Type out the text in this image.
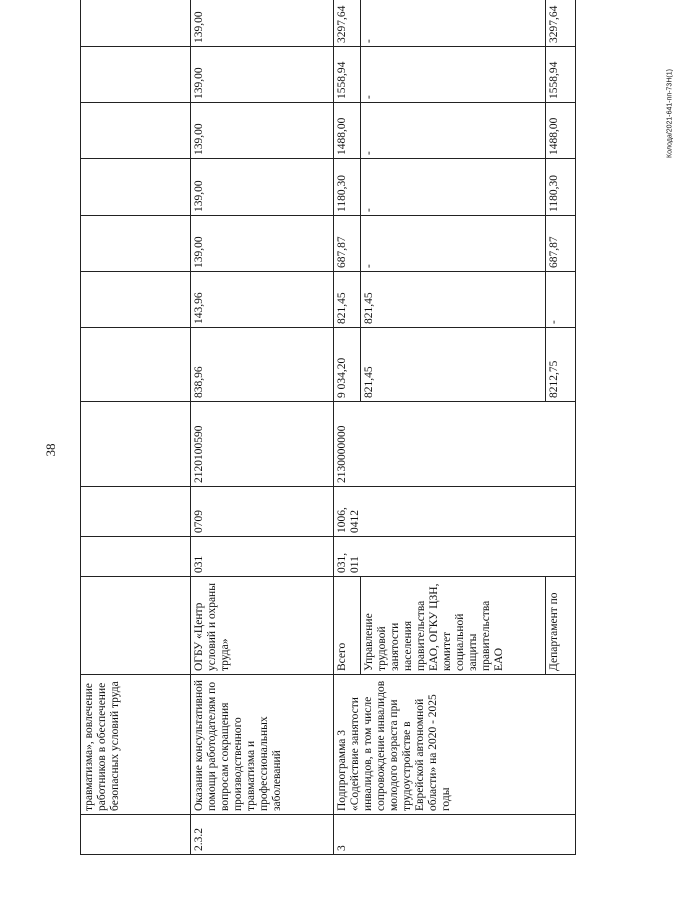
38
Колода/2021-641-пп-73Н(1)
	травматизма», вовлечение работников в обеспечение безопасных условий труда											
2.3.2	Оказание консультативной помощи работодателям по вопросам сокращения производственного травматизма и профессиональных заболеваний	ОГБУ «Центр условий и охраны труда»	031	0709	2120100590	838,96	143,96	139,00	139,00	139,00	139,00	139,00
3	Подпрограмма 3 «Содействие занятости инвалидов, в том числе сопровождение инвалидов молодого возраста при трудоустройстве в Еврейской автономной области» на 2020 - 2025 годы	Всего	031, 011	1006, 0412	2130000000	9 034,20	821,45	687,87	1180,30	1488,00	1558,94	3297,64
		Управление трудовой занятости населения правительства ЕАО, ОГКУ ЦЗН, комитет социальной защиты правительства ЕАО				821,45	821,45	-	-	-	-	-
		Департамент по				8212,75	-	687,87	1180,30	1488,00	1558,94	3297,64
